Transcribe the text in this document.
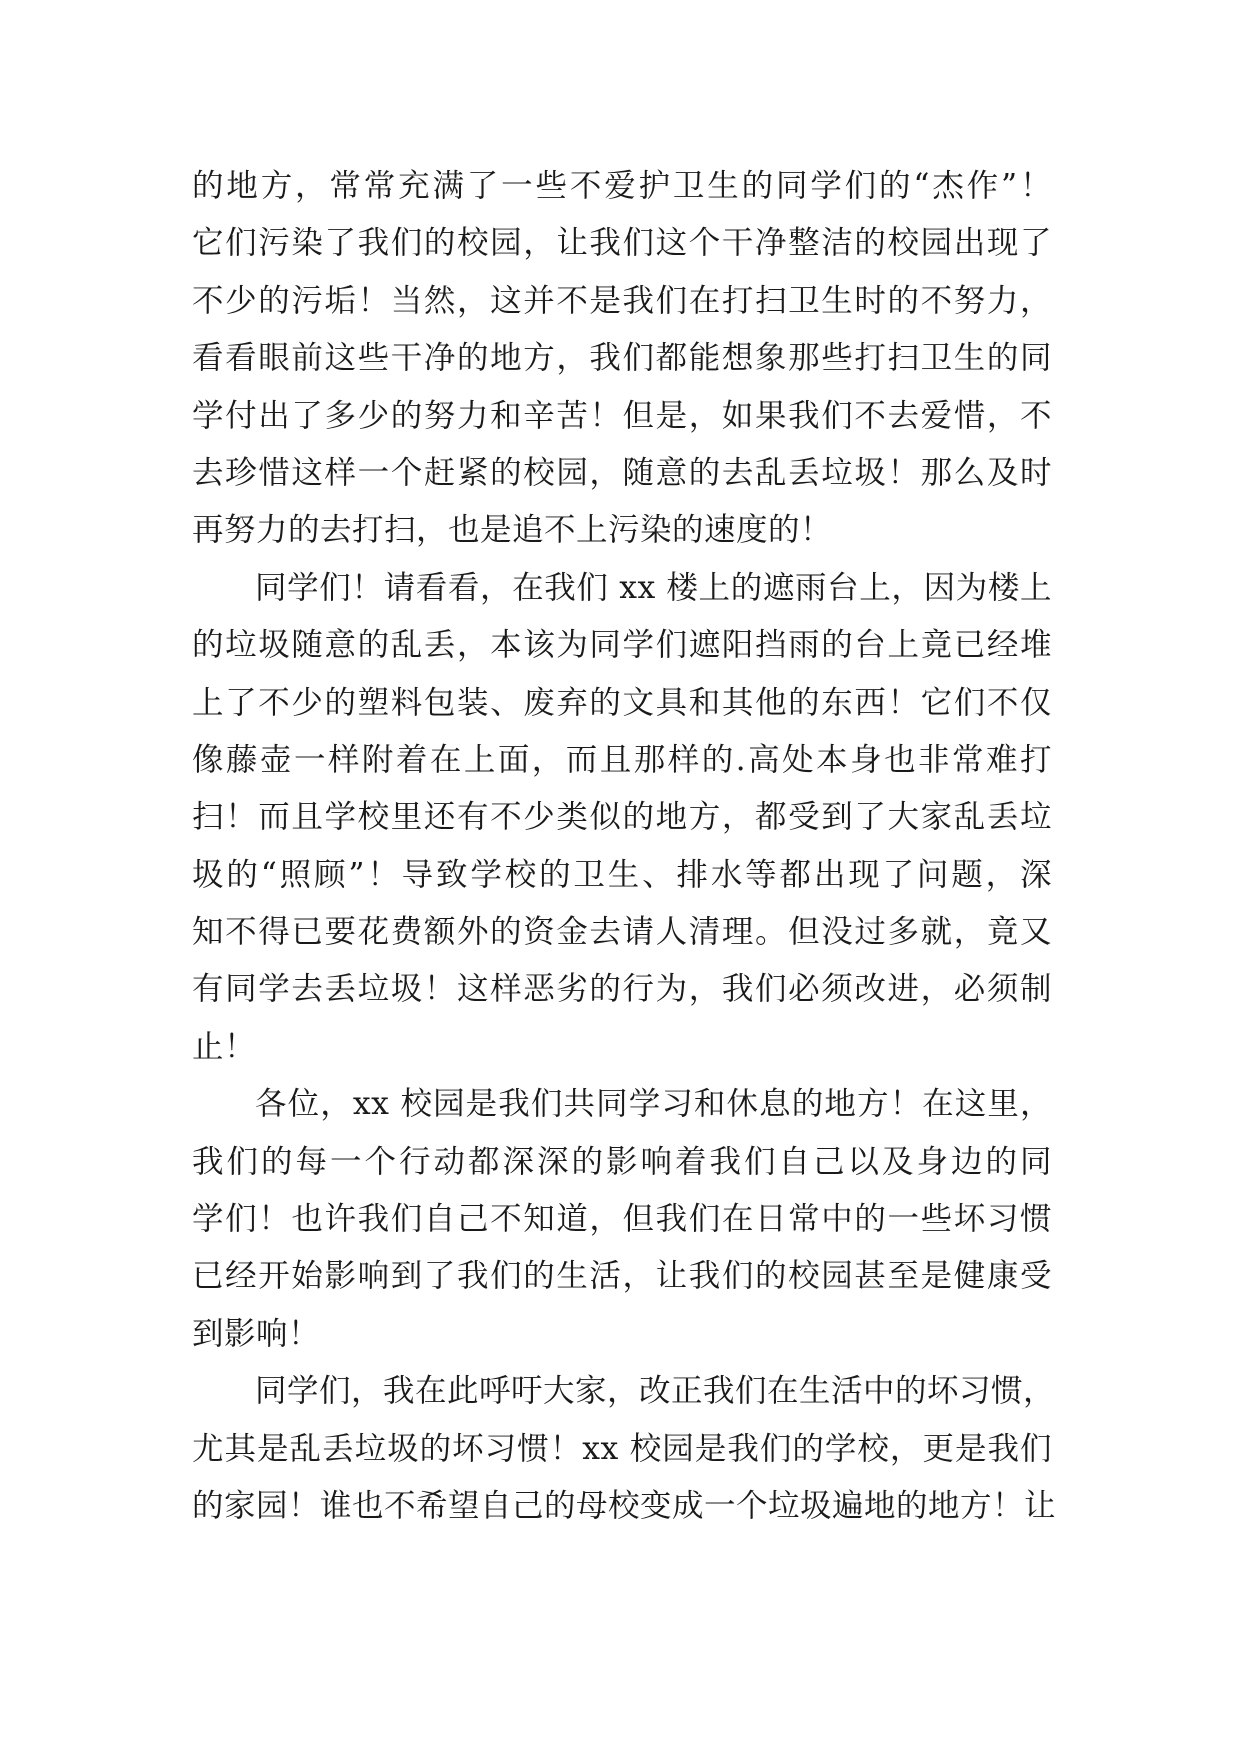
的地方，常常充满了一些不爱护卫生的同学们的“杰作”！
它们污染了我们的校园，让我们这个干净整洁的校园出现了
不少的污垢！当然，这并不是我们在打扫卫生时的不努力，
看看眼前这些干净的地方，我们都能想象那些打扫卫生的同
学付出了多少的努力和辛苦！但是，如果我们不去爱惜，不
去珍惜这样一个赶紧的校园，随意的去乱丢垃圾！那么及时
再努力的去打扫，也是追不上污染的速度的！
同学们！请看看，在我们 xx 楼上的遮雨台上，因为楼上
的垃圾随意的乱丢，本该为同学们遮阳挡雨的台上竟已经堆
上了不少的塑料包装、废弃的文具和其他的东西！它们不仅
像藤壶一样附着在上面，而且那样的.高处本身也非常难打
扫！而且学校里还有不少类似的地方，都受到了大家乱丢垃
圾的“照顾”！导致学校的卫生、排水等都出现了问题，深
知不得已要花费额外的资金去请人清理。但没过多就，竟又
有同学去丢垃圾！这样恶劣的行为，我们必须改进，必须制
止！
各位，xx 校园是我们共同学习和休息的地方！在这里，
我们的每一个行动都深深的影响着我们自己以及身边的同
学们！也许我们自己不知道，但我们在日常中的一些坏习惯
已经开始影响到了我们的生活，让我们的校园甚至是健康受
到影响！
同学们，我在此呼吁大家，改正我们在生活中的坏习惯，
尤其是乱丢垃圾的坏习惯！xx 校园是我们的学校，更是我们
的家园！谁也不希望自己的母校变成一个垃圾遍地的地方！让
